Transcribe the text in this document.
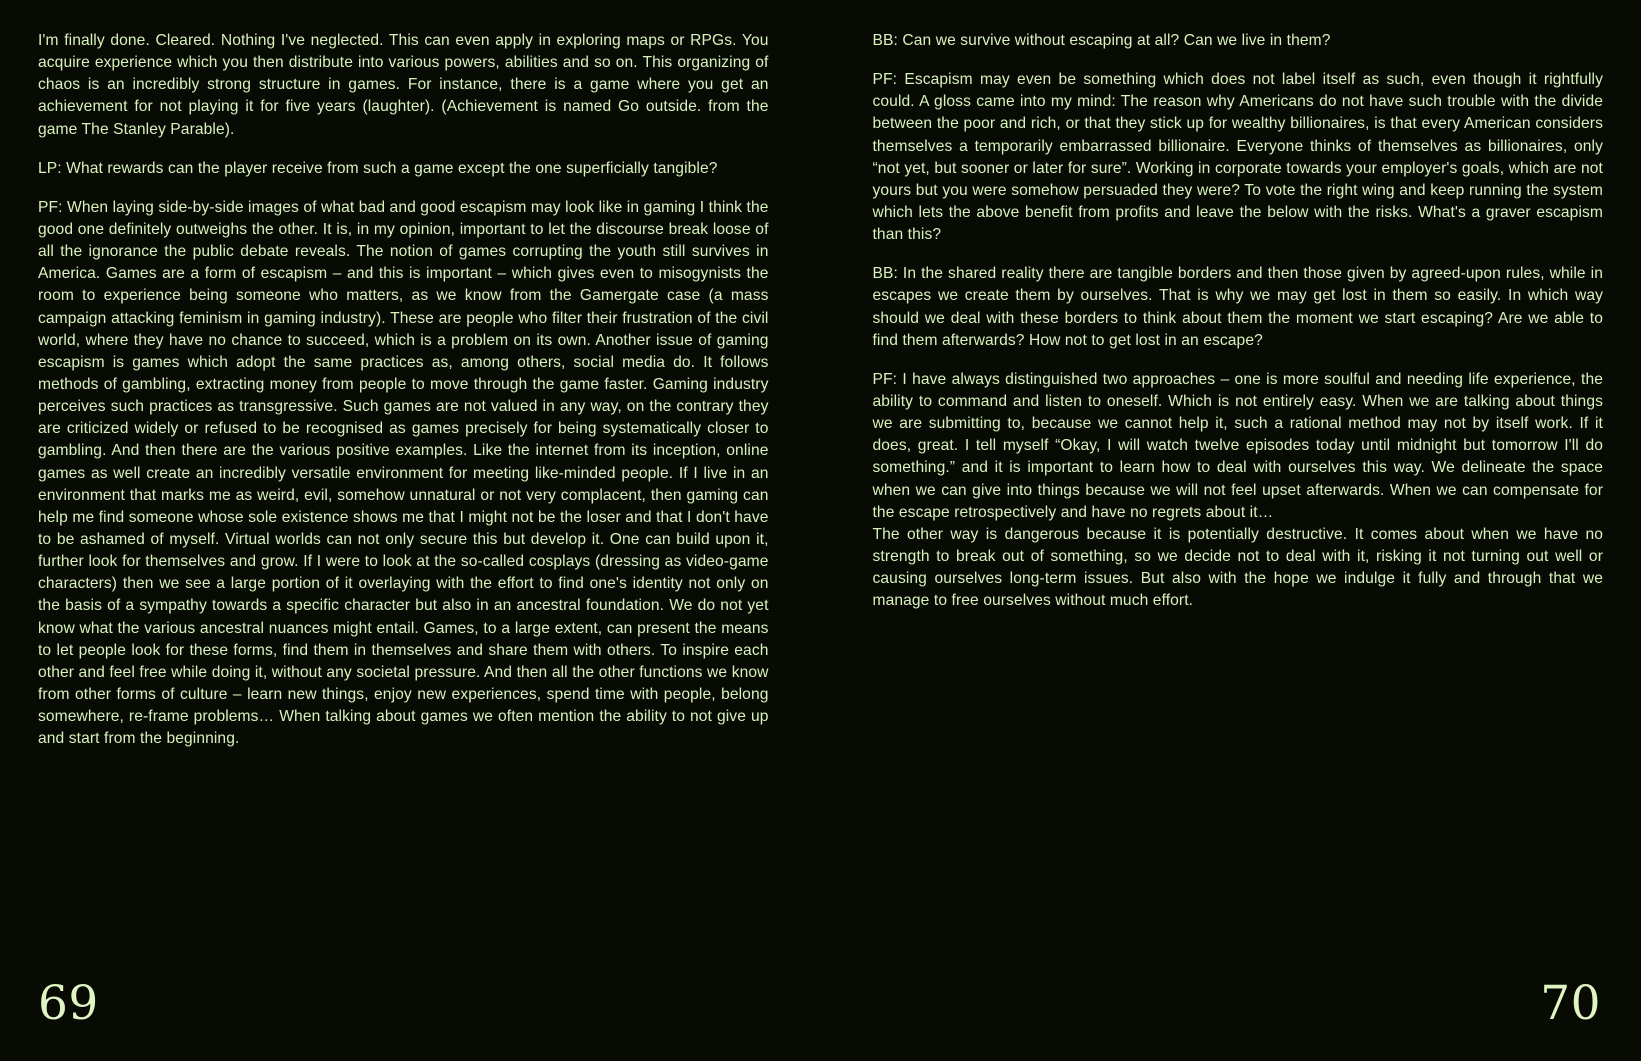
I'm finally done. Cleared. Nothing I've neglected. This can even apply in exploring maps or RPGs. You acquire experience which you then distribute into various powers, abilities and so on. This organizing of chaos is an incredibly strong structure in games. For instance, there is a game where you get an achievement for not playing it for five years (laughter). (Achievement is named Go outside. from the game The Stanley Parable).

LP: What rewards can the player receive from such a game except the one superficially tangible?

PF: When laying side-by-side images of what bad and good escapism may look like in gaming I think the good one definitely outweighs the other. It is, in my opinion, important to let the discourse break loose of all the ignorance the public debate reveals. The notion of games corrupting the youth still survives in America. Games are a form of escapism – and this is important – which gives even to misogynists the room to experience being someone who matters, as we know from the Gamergate case (a mass campaign attacking feminism in gaming industry). These are people who filter their frustration of the civil world, where they have no chance to succeed, which is a problem on its own. Another issue of gaming escapism is games which adopt the same practices as, among others, social media do. It follows methods of gambling, extracting money from people to move through the game faster. Gaming industry perceives such practices as transgressive. Such games are not valued in any way, on the contrary they are criticized widely or refused to be recognised as games precisely for being systematically closer to gambling. And then there are the various positive examples. Like the internet from its inception, online games as well create an incredibly versatile environment for meeting like-minded people. If I live in an environment that marks me as weird, evil, somehow unnatural or not very complacent, then gaming can help me find someone whose sole existence shows me that I might not be the loser and that I don't have to be ashamed of myself. Virtual worlds can not only secure this but develop it. One can build upon it, further look for themselves and grow. If I were to look at the so-called cosplays (dressing as video-game characters) then we see a large portion of it overlaying with the effort to find one's identity not only on the basis of a sympathy towards a specific character but also in an ancestral foundation. We do not yet know what the various ancestral nuances might entail. Games, to a large extent, can present the means to let people look for these forms, find them in themselves and share them with others. To inspire each other and feel free while doing it, without any societal pressure. And then all the other functions we know from other forms of culture – learn new things, enjoy new experiences, spend time with people, belong somewhere, re-frame problems… When talking about games we often mention the ability to not give up and start from the beginning.

69

BB: Can we survive without escaping at all? Can we live in them?

PF: Escapism may even be something which does not label itself as such, even though it rightfully could. A gloss came into my mind: The reason why Americans do not have such trouble with the divide between the poor and rich, or that they stick up for wealthy billionaires, is that every American considers themselves a temporarily embarrassed billionaire. Everyone thinks of themselves as billionaires, only “not yet, but sooner or later for sure”. Working in corporate towards your employer's goals, which are not yours but you were somehow persuaded they were? To vote the right wing and keep running the system which lets the above benefit from profits and leave the below with the risks. What's a graver escapism than this?

BB: In the shared reality there are tangible borders and then those given by agreed-upon rules, while in escapes we create them by ourselves. That is why we may get lost in them so easily. In which way should we deal with these borders to think about them the moment we start escaping? Are we able to find them afterwards? How not to get lost in an escape?

PF: I have always distinguished two approaches – one is more soulful and needing life experience, the ability to command and listen to oneself. Which is not entirely easy. When we are talking about things we are submitting to, because we cannot help it, such a rational method may not by itself work. If it does, great. I tell myself “Okay, I will watch twelve episodes today until midnight but tomorrow I'll do something.” and it is important to learn how to deal with ourselves this way. We delineate the space when we can give into things because we will not feel upset afterwards. When we can compensate for the escape retrospectively and have no regrets about it…

The other way is dangerous because it is potentially destructive. It comes about when we have no strength to break out of something, so we decide not to deal with it, risking it not turning out well or causing ourselves long-term issues. But also with the hope we indulge it fully and through that we manage to free ourselves without much effort.

70
